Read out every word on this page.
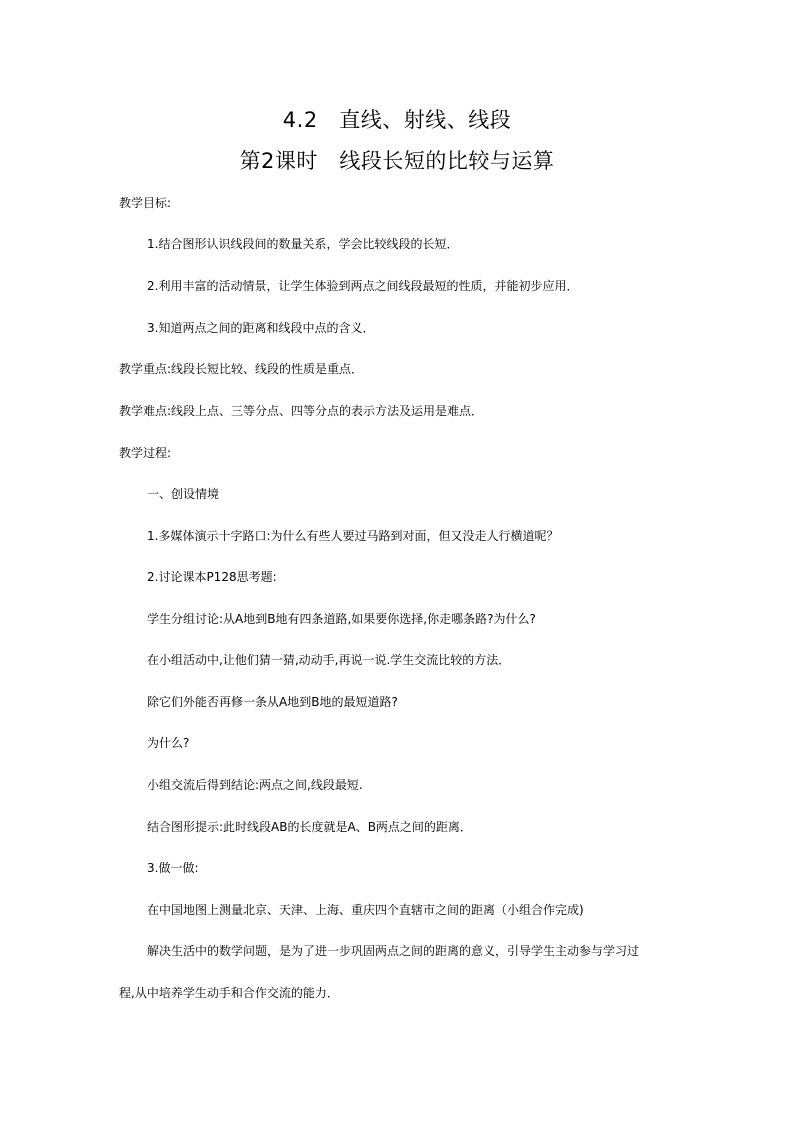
4.2　直线、射线、线段
第2课时　线段长短的比较与运算
教学目标:
1.结合图形认识线段间的数量关系，学会比较线段的长短．
2.利用丰富的活动情景，让学生体验到两点之间线段最短的性质，并能初步应用．
3.知道两点之间的距离和线段中点的含义．
教学重点:线段长短比较、线段的性质是重点．
教学难点:线段上点、三等分点、四等分点的表示方法及运用是难点．
教学过程:
一、创设情境
1.多媒体演示十字路口:为什么有些人要过马路到对面，但又没走人行横道呢？
2.讨论课本P128思考题:
学生分组讨论:从A地到B地有四条道路,如果要你选择,你走哪条路?为什么?
在小组活动中,让他们猜一猜,动动手,再说一说.学生交流比较的方法．
除它们外能否再修一条从A地到B地的最短道路?
为什么?
小组交流后得到结论:两点之间,线段最短.
结合图形提示:此时线段AB的长度就是A、B两点之间的距离．
3.做一做:
在中国地图上测量北京、天津、上海、重庆四个直辖市之间的距离（小组合作完成)
解决生活中的数学问题，是为了进一步巩固两点之间的距离的意义，引导学生主动参与学习过
程,从中培养学生动手和合作交流的能力．
